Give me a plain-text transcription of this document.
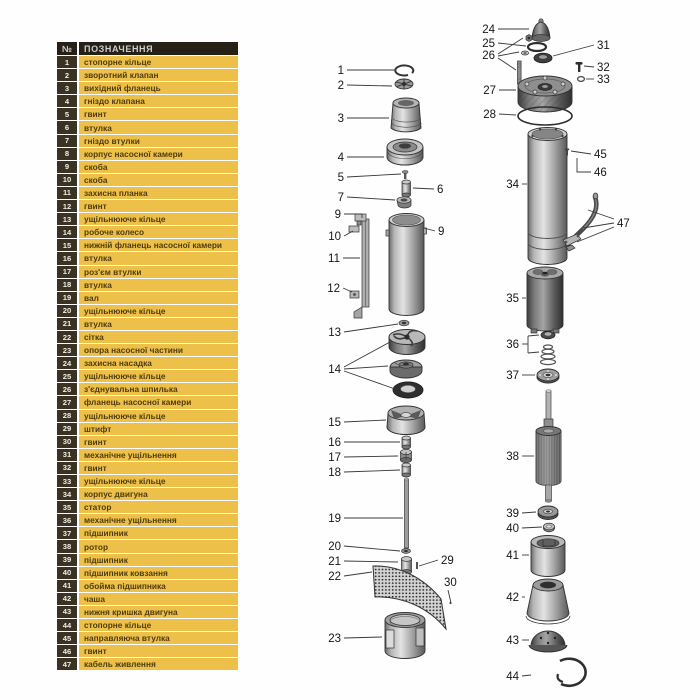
№	ПОЗНАЧЕННЯ
1	стопорне кільце
2	зворотний клапан
3	вихідний фланець
4	гніздо клапана
5	гвинт
6	втулка
7	гніздо втулки
8	корпус насосної камери
9	скоба
10	скоба
11	захисна планка
12	гвинт
13	ущільнююче кільце
14	робоче колесо
15	нижній фланець насосної камери
16	втулка
17	роз'єм втулки
18	втулка
19	вал
20	ущільнююче кільце
21	втулка
22	сітка
23	опора насосної частини
24	захисна насадка
25	ущільнююче кільце
26	з'єднувальна шпилька
27	фланець насосної камери
28	ущільнююче кільце
29	штифт
30	гвинт
31	механічне ущільнення
32	гвинт
33	ущільнююче кільце
34	корпус двигуна
35	статор
36	механічне ущільнення
37	підшипник
38	ротор
39	підшипник
40	підшипник ковзання
41	обойма підшипника
42	чаша
43	нижня кришка двигуна
44	стопорне кільце
45	направляюча втулка
46	гвинт
47	кабель живлення
1
2
3
4
5
6
7
9
10
11
12
9
13
14
15
16
17
18
19
20
21	29
22	30
23
24
25
26
31
32
33
27
28
34
45
46
47
35
36
37
38
39
40
41
42
43
44
